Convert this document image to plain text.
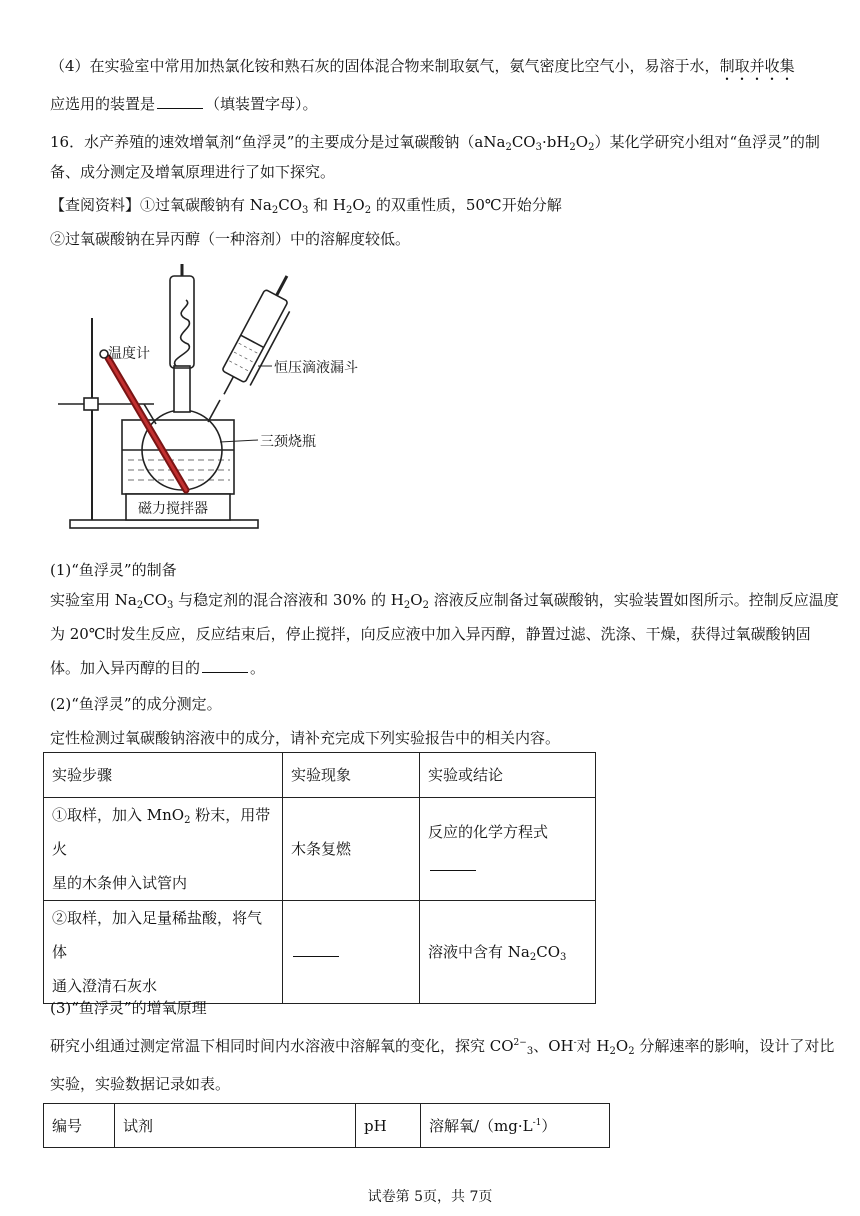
（4）在实验室中常用加热氯化铵和熟石灰的固体混合物来制取氨气，氨气密度比空气小，易溶于水，制取并收集
应选用的装置是	（填装置字母）。
16．水产养殖的速效增氧剂“鱼浮灵”的主要成分是过氧碳酸钠$(aNa_2CO_3\cdot bH_2O_2)$某化学研究小组对“鱼浮灵”的制
备、成分测定及增氧原理进行了如下探究。
【查阅资料】①过氧碳酸钠有 $Na_2CO_3$ 和 $H_2O_2$ 的双重性质，50℃开始分解
②过氧碳酸钠在异丙醇（一种溶剂）中的溶解度较低。
温度计
恒压滴液漏斗
三颈烧瓶
磁力搅拌器
(1)“鱼浮灵”的制备
实验室用 $Na_2CO_3$ 与稳定剂的混合溶液和 30% 的 $H_2O_2$ 溶液反应制备过氧碳酸钠，实验装置如图所示。控制反应温度
为 20℃时发生反应，反应结束后，停止搅拌，向反应液中加入异丙醇，静置过滤、洗涤、干燥，获得过氧碳酸钠固
体。加入异丙醇的目的	。
(2)“鱼浮灵”的成分测定。
定性检测过氧碳酸钠溶液中的成分，请补充完成下列实验报告中的相关内容。
实验步骤	实验现象	实验或结论

①取样，加入 MnO$_2$ 粉末，用带火
星的木条伸入试管内	木条复燃	反应的化学方程式

②取样，加入足量稀盐酸，将气体
通入澄清石灰水		溶液中含有 $Na_2CO_3$
(3)“鱼浮灵”的增氧原理
研究小组通过测定常温下相同时间内水溶液中溶解氧的变化，探究 $CO^{2-}_3$、OH-对 $H_2O_2$ 分解速率的影响，设计了对比
实验，实验数据记录如表。
编号	试剂	pH	溶解氧$/(mg\cdot L^{-1})$
试卷第 5页，共 7页
